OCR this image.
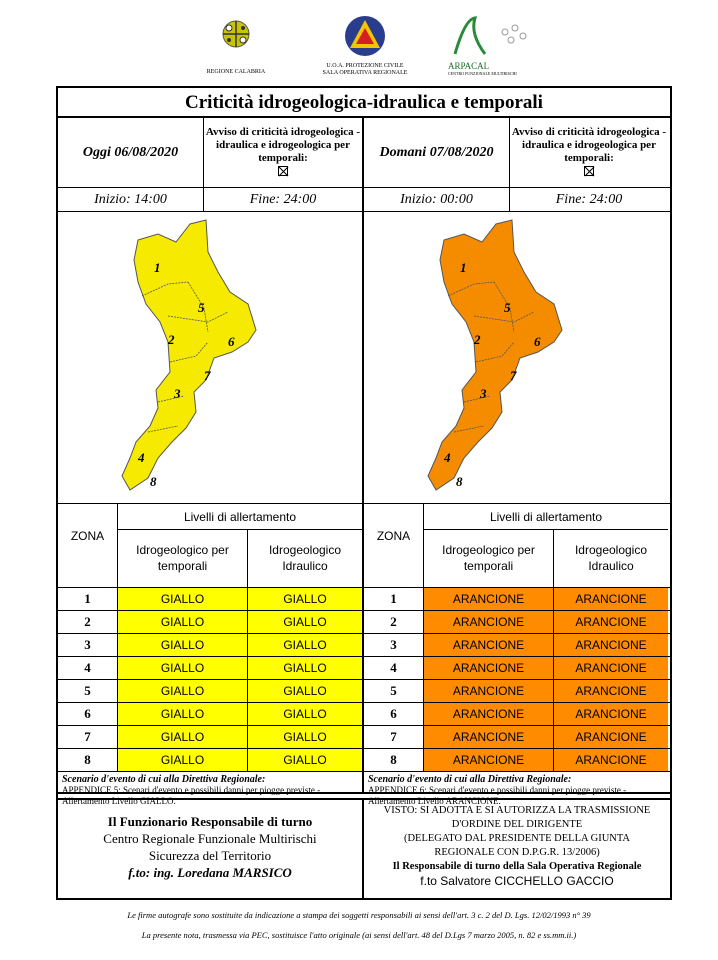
REGIONE CALABRIA
U.O.A. PROTEZIONE CIVILE
SALA OPERATIVA REGIONALE
ARPACAL
CENTRO FUNZIONALE MULTIRISCHI
Criticità idrogeologica-idraulica e temporali
Oggi 06/08/2020
Avviso di criticità idrogeologica - idraulica e idrogeologica per temporali:
Inizio: 14:00	Fine: 24:00
1
2
3
4
5
6
7
8
ZONA
Livelli di allertamento
Idrogeologico per temporali
Idrogeologico Idraulico
1	GIALLO	GIALLO
2	GIALLO	GIALLO
3	GIALLO	GIALLO
4	GIALLO	GIALLO
5	GIALLO	GIALLO
6	GIALLO	GIALLO
7	GIALLO	GIALLO
8	GIALLO	GIALLO
Scenario d'evento di cui alla Direttiva Regionale:
APPENDICE 5: Scenari d'evento e possibili danni per piogge previste - Allertamento Livello GIALLO.
Domani 07/08/2020
Avviso di criticità idrogeologica - idraulica e idrogeologica per temporali:
Inizio: 00:00	Fine: 24:00
1
2
3
4
5
6
7
8
ZONA
Livelli di allertamento
Idrogeologico per temporali
Idrogeologico Idraulico
1	ARANCIONE	ARANCIONE
2	ARANCIONE	ARANCIONE
3	ARANCIONE	ARANCIONE
4	ARANCIONE	ARANCIONE
5	ARANCIONE	ARANCIONE
6	ARANCIONE	ARANCIONE
7	ARANCIONE	ARANCIONE
8	ARANCIONE	ARANCIONE
Scenario d'evento di cui alla Direttiva Regionale:
APPENDICE 6: Scenari d'evento e possibili danni per piogge previste - Allertamento Livello ARANCIONE.
Il Funzionario Responsabile di turno
Centro Regionale Funzionale Multirischi
Sicurezza del Territorio
f.to: ing. Loredana MARSICO
VISTO: SI ADOTTA E SI AUTORIZZA LA TRASMISSIONE
D'ORDINE DEL DIRIGENTE
(DELEGATO DAL PRESIDENTE DELLA GIUNTA
REGIONALE CON D.P.G.R. 13/2006)
Il Responsabile di turno della Sala Operativa Regionale
f.to Salvatore CICCHELLO GACCIO
Le firme autografe sono sostituite da indicazione a stampa dei soggetti responsabili ai sensi dell'art. 3 c. 2 del D. Lgs. 12/02/1993 n° 39
La presente nota, trasmessa via PEC, sostituisce l'atto originale (ai sensi dell'art. 48 del D.Lgs 7 marzo 2005, n. 82 e ss.mm.ii.)
